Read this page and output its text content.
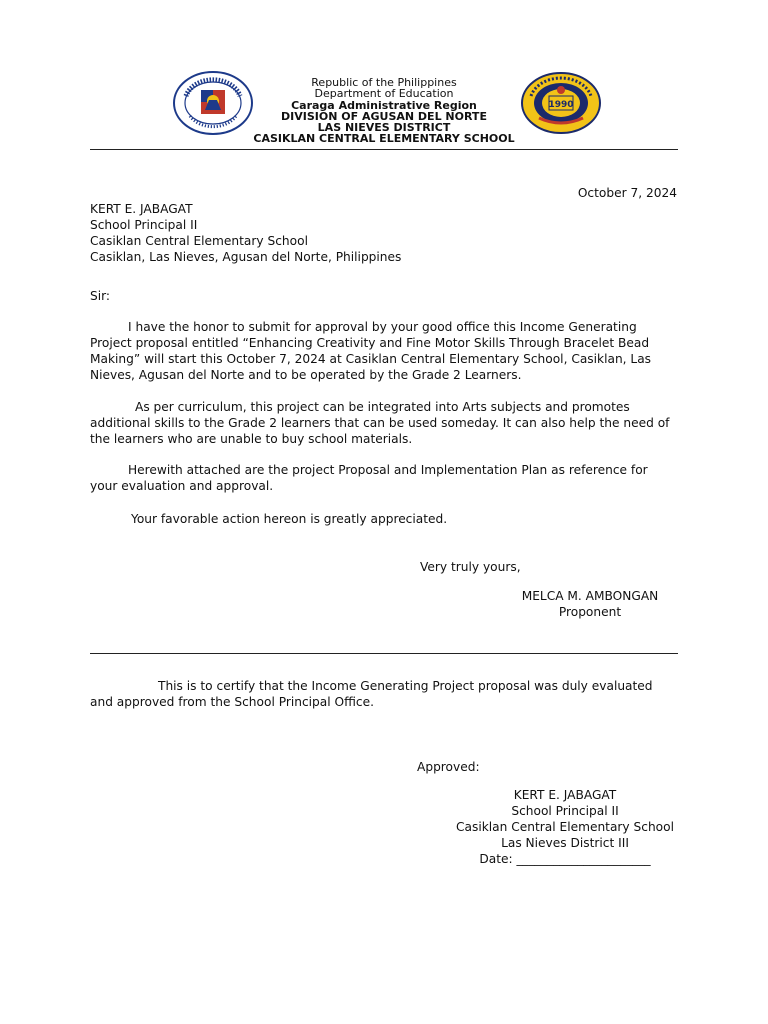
1990
Republic of the Philippines
Department of Education
Caraga Administrative Region
DIVISION OF AGUSAN DEL NORTE
LAS NIEVES DISTRICT
CASIKLAN CENTRAL ELEMENTARY SCHOOL
October 7, 2024
KERT E. JABAGAT
School Principal II
Casiklan Central Elementary School
Casiklan, Las Nieves, Agusan del Norte, Philippines
Sir:
I have the honor to submit for approval by your good office this Income Generating
Project proposal entitled “Enhancing Creativity and Fine Motor Skills Through Bracelet Bead
Making” will start this October 7, 2024 at Casiklan Central Elementary School, Casiklan, Las
Nieves, Agusan del Norte and to be operated by the Grade 2 Learners.
As per curriculum, this project can be integrated into Arts subjects and promotes
additional skills to the Grade 2 learners that can be used someday. It can also help the need of
the learners who are unable to buy school materials.
Herewith attached are the project Proposal and Implementation Plan as reference for
your evaluation and approval.
Your favorable action hereon is greatly appreciated.
Very truly yours,
MELCA M. AMBONGAN
Proponent
This is to certify that the Income Generating Project proposal was duly evaluated
and approved from the School Principal Office.
Approved:
KERT E. JABAGAT
School Principal II
Casiklan Central Elementary School
Las Nieves District III
Date: ______________________
